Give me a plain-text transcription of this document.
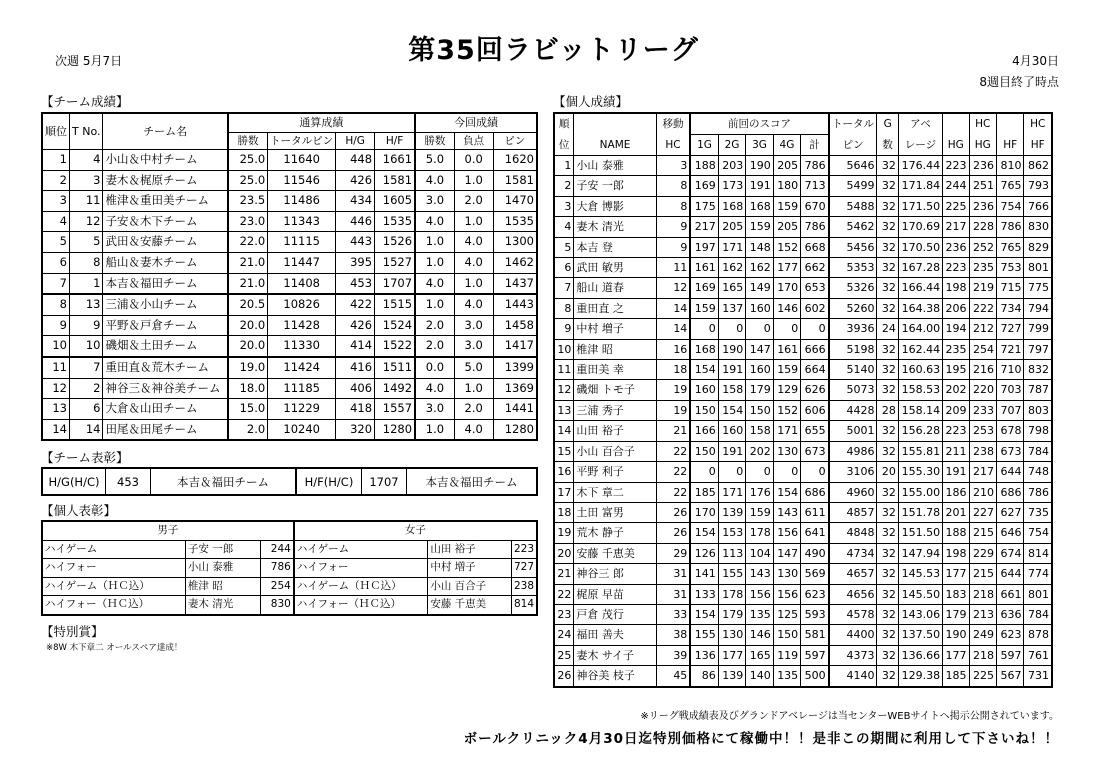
第35回ラビットリーグ
次週 5月7日	4月30日
8週目終了時点
【チーム成績】
順位	T No.	チーム名	通算成績				今回成績		
			勝数	トータルピン	H/G	H/F	勝数	負点	ピン
1	4	小山＆中村チーム	25.0	11640	448	1661	5.0	0.0	1620
2	3	妻木＆梶原チーム	25.0	11546	426	1581	4.0	1.0	1581
3	11	椎津＆重田美チーム	23.5	11486	434	1605	3.0	2.0	1470
4	12	子安＆木下チーム	23.0	11343	446	1535	4.0	1.0	1535
5	5	武田＆安藤チーム	22.0	11115	443	1526	1.0	4.0	1300
6	8	船山＆妻木チーム	21.0	11447	395	1527	1.0	4.0	1462
7	1	本吉＆福田チーム	21.0	11408	453	1707	4.0	1.0	1437
8	13	三浦＆小山チーム	20.5	10826	422	1515	1.0	4.0	1443
9	9	平野＆戸倉チーム	20.0	11428	426	1524	2.0	3.0	1458
10	10	磯畑＆土田チーム	20.0	11330	414	1522	2.0	3.0	1417
11	7	重田直＆荒木チーム	19.0	11424	416	1511	0.0	5.0	1399
12	2	神谷三＆神谷美チーム	18.0	11185	406	1492	4.0	1.0	1369
13	6	大倉＆山田チーム	15.0	11229	418	1557	3.0	2.0	1441
14	14	田尾＆田尾チーム	2.0	10240	320	1280	1.0	4.0	1280
【チーム表彰】
H/G(H/C)	453	本吉＆福田チーム	H/F(H/C)	1707	本吉＆福田チーム
【個人表彰】
男子			女子		
ハイゲーム	子安 一郎	244	ハイゲーム	山田 裕子	223
ハイフォー	小山 泰雅	786	ハイフォー	中村 増子	727
ハイゲーム（ＨＣ込）	椎津 昭	254	ハイゲーム（ＨＣ込）	小山 百合子	238
ハイフォー（ＨＣ込）	妻木 清光	830	ハイフォー（ＨＣ込）	安藤 千恵美	814
【特別賞】
※8W 木下章二 オールスペア達成！
【個人成績】
順		移動	前回のスコア					トータル	G	アベ		HC		HC
位	NAME	HC	1G	2G	3G	4G	計	ピン	数	レージ	HG	HG	HF	HF
1	小山 泰雅	3	188	203	190	205	786	5646	32	176.44	223	236	810	862
2	子安 一郎	8	169	173	191	180	713	5499	32	171.84	244	251	765	793
3	大倉 博影	8	175	168	168	159	670	5488	32	171.50	225	236	754	766
4	妻木 清光	9	217	205	159	205	786	5462	32	170.69	217	228	786	830
5	本吉 登	9	197	171	148	152	668	5456	32	170.50	236	252	765	829
6	武田 敏男	11	161	162	162	177	662	5353	32	167.28	223	235	753	801
7	船山 道春	12	169	165	149	170	653	5326	32	166.44	198	219	715	775
8	重田直 之	14	159	137	160	146	602	5260	32	164.38	206	222	734	794
9	中村 増子	14	0	0	0	0	0	3936	24	164.00	194	212	727	799
10	椎津 昭	16	168	190	147	161	666	5198	32	162.44	235	254	721	797
11	重田美 幸	18	154	191	160	159	664	5140	32	160.63	195	216	710	832
12	磯畑 トモ子	19	160	158	179	129	626	5073	32	158.53	202	220	703	787
13	三浦 秀子	19	150	154	150	152	606	4428	28	158.14	209	233	707	803
14	山田 裕子	21	166	160	158	171	655	5001	32	156.28	223	253	678	798
15	小山 百合子	22	150	191	202	130	673	4986	32	155.81	211	238	673	784
16	平野 利子	22	0	0	0	0	0	3106	20	155.30	191	217	644	748
17	木下 章二	22	185	171	176	154	686	4960	32	155.00	186	210	686	786
18	土田 富男	26	170	139	159	143	611	4857	32	151.78	201	227	627	735
19	荒木 静子	26	154	153	178	156	641	4848	32	151.50	188	215	646	754
20	安藤 千恵美	29	126	113	104	147	490	4734	32	147.94	198	229	674	814
21	神谷三 郎	31	141	155	143	130	569	4657	32	145.53	177	215	644	774
22	梶原 早苗	31	133	178	156	156	623	4656	32	145.50	183	218	661	801
23	戸倉 茂行	33	154	179	135	125	593	4578	32	143.06	179	213	636	784
24	福田 善夫	38	155	130	146	150	581	4400	32	137.50	190	249	623	878
25	妻木 サイ子	39	136	177	165	119	597	4373	32	136.66	177	218	597	761
26	神谷美 枝子	45	86	139	140	135	500	4140	32	129.38	185	225	567	731
※リーグ戦成績表及びグランドアベレージは当センターWEBサイトへ掲示公開されています。
ボールクリニック4月30日迄特別価格にて稼働中！！是非この期間に利用して下さいね！！
